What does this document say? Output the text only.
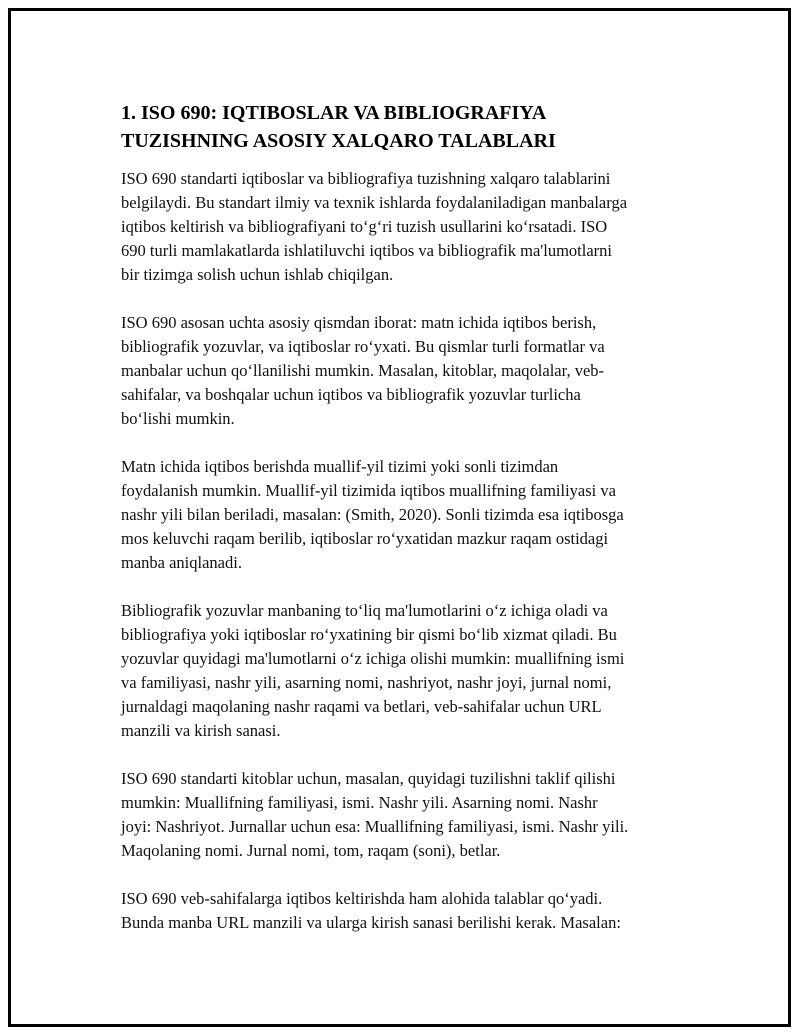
1. ISO 690: IQTIBOSLAR VA BIBLIOGRAFIYA
TUZISHNING ASOSIY XALQARO TALABLARI

ISO 690 standarti iqtiboslar va bibliografiya tuzishning xalqaro talablarini
belgilaydi. Bu standart ilmiy va texnik ishlarda foydalaniladigan manbalarga
iqtibos keltirish va bibliografiyani to‘g‘ri tuzish usullarini ko‘rsatadi. ISO
690 turli mamlakatlarda ishlatiluvchi iqtibos va bibliografik ma'lumotlarni
bir tizimga solish uchun ishlab chiqilgan.

ISO 690 asosan uchta asosiy qismdan iborat: matn ichida iqtibos berish,
bibliografik yozuvlar, va iqtiboslar ro‘yxati. Bu qismlar turli formatlar va
manbalar uchun qo‘llanilishi mumkin. Masalan, kitoblar, maqolalar, veb-
sahifalar, va boshqalar uchun iqtibos va bibliografik yozuvlar turlicha
bo‘lishi mumkin.

Matn ichida iqtibos berishda muallif-yil tizimi yoki sonli tizimdan
foydalanish mumkin. Muallif-yil tizimida iqtibos muallifning familiyasi va
nashr yili bilan beriladi, masalan: (Smith, 2020). Sonli tizimda esa iqtibosga
mos keluvchi raqam berilib, iqtiboslar ro‘yxatidan mazkur raqam ostidagi
manba aniqlanadi.

Bibliografik yozuvlar manbaning to‘liq ma'lumotlarini o‘z ichiga oladi va
bibliografiya yoki iqtiboslar ro‘yxatining bir qismi bo‘lib xizmat qiladi. Bu
yozuvlar quyidagi ma'lumotlarni o‘z ichiga olishi mumkin: muallifning ismi
va familiyasi, nashr yili, asarning nomi, nashriyot, nashr joyi, jurnal nomi,
jurnaldagi maqolaning nashr raqami va betlari, veb-sahifalar uchun URL
manzili va kirish sanasi.

ISO 690 standarti kitoblar uchun, masalan, quyidagi tuzilishni taklif qilishi
mumkin: Muallifning familiyasi, ismi. Nashr yili. Asarning nomi. Nashr
joyi: Nashriyot. Jurnallar uchun esa: Muallifning familiyasi, ismi. Nashr yili.
Maqolaning nomi. Jurnal nomi, tom, raqam (soni), betlar.

ISO 690 veb-sahifalarga iqtibos keltirishda ham alohida talablar qo‘yadi.
Bunda manba URL manzili va ularga kirish sanasi berilishi kerak. Masalan:
